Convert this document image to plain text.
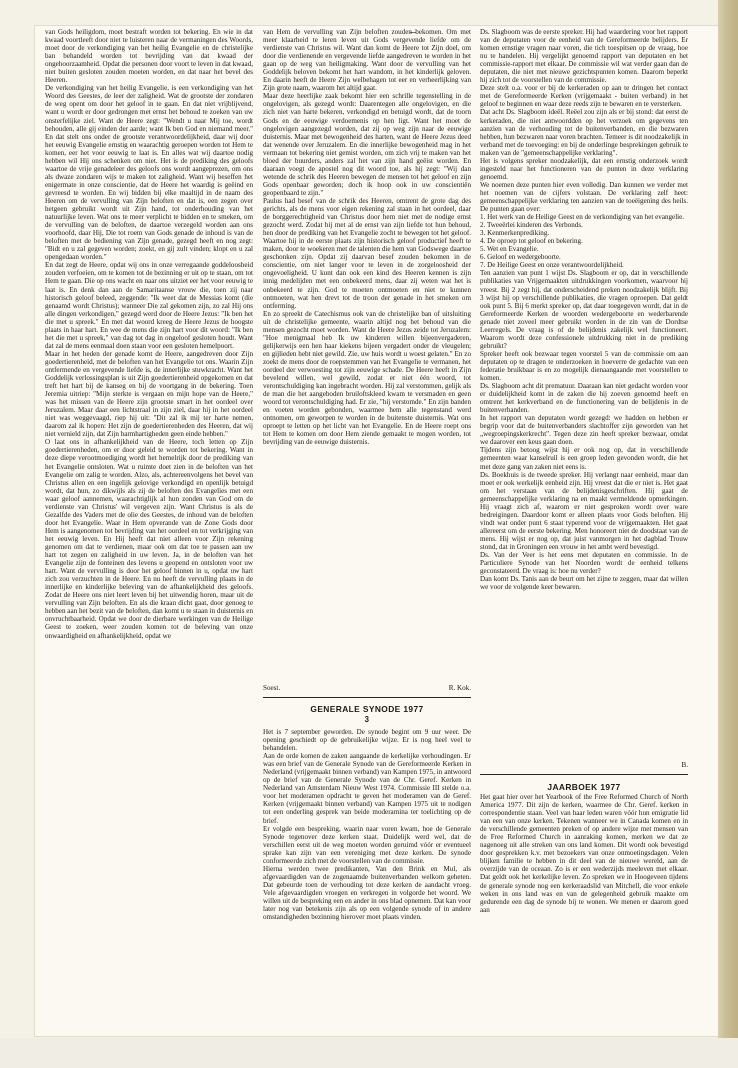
van Gods heiligdom, moet bestraft worden tot bekering. En wie in dat kwaad voortleeft door niet te luisteren naar de vermaningen des Woords, moet door de verkondiging van het heilig Evangelie en de christelijke ban behandeld worden tot bevrijding van dat kwaad der ongehoorzaamheid. Opdat die personen door voort te leven in dat kwaad, niet buiten gesloten zouden moeten worden, en dat naar het bevel des Heeren.

De verkondiging van het heilig Evangelie, is een verkondiging van het Woord des Geestes, de leer der zaligheid. Wat de grootste der zondaren de weg opent om door het geloof in te gaan. En dat niet vrijblijvend, want u wordt er door gedrongen met ernst het behoud te zoeken van uw onsterfelijke ziel. Want de Heere zegt: "Wendt u naar Mij toe, wordt behouden, alle gij einden der aarde; want Ik ben God en niemand meer." En dat stelt ons onder de grootste verantwoordelijkheid, daar wij door het eeuwig Evangelie ernstig en waarachtig geroepen worden tot Hem te komen, eer het voor eeuwig te laat is. En alles wat wij daartoe nodig hebben wil Hij ons schenken om niet. Het is de prediking des geloofs waartoe de vrije genadeleer des geloofs ons wordt aangeprezen, om ons als dwaze zondaren wijs te maken tot zaligheid. Want wij beseffen het enigermate in onze conscientie, dat de Heere het waardig is geëind en gevreesd te worden. En wij bidden bij elke maaltijd in de naam des Heeren om de vervulling van Zijn beloften en dat is, een zegen over hetgeen gebruikt wordt uit Zijn hand, tot onderhouding van het natuurlijke leven. Wat ons te meer verplicht te bidden en te smeken, om de vervulling van de beloften, de daartoe verzegeld worden aan ons voorhoofd, daar Hij, Die tot roem van Gods genade de inhoud is van de beloften met de bediening van Zijn genade, gezegd heeft en nog zegt: "Bidt en u zal gegeven worden; zoekt, en gij zult vinden; klopt en u zal opengedaan worden."

En dat zegt de Heere, opdat wij ons in onze verregaande goddeloosheid zouden verfoeien, om te komen tot de bezinning er uit op te staan, om tot Hem te gaan. Die op ons wacht en naar ons uitziet eer het voor eeuwig te laat is. En denk dan aan de Samaritaanse vrouw die, toen zij naar historisch geloof beleed, zeggende: "Ik weet dat de Messias komt (die genaamd wordt Christus); wanneer Die zal gekomen zijn, zo zal Hij ons alle dingen verkondigen," gezegd werd door de Heere Jezus: "Ik ben het die met u spreek." En met dat woord kreeg de Heere Jezus de hoogste plaats in haar hart. En wee de mens die zijn hart voor dit woord: "Ik ben het die met u spreek," van dag tot dag in ongeloof gesloten houdt. Want dat zal de mens eenmaal doen staan voor een gesloten hemelpoort.

Maar in het heden der genade komt de Heere, aangedreven door Zijn goedertierenheid, met de beloften van het Evangelie tot ons. Waarin Zijn ontfermende en vergevende liefde is, de innerlijke stuwkracht. Want het Goddelijk verlossingsplan is uit Zijn goedertierenheid opgekomen en dat treft het hart bij de kanseg en bij de voortgang in de bekering. Toen Jeremia uitriep: "Mijn sterkte is vergaan en mijn hope van de Heere," was het missen van de Heere zijn grootste smart in het oordeel over Jeruzalem. Maar daar een lichtstraal in zijn ziel, daar hij in het oordeel niet was weggevaagd, riep hij uit: "Dit zal ik mij ter harte nemen, daarom zal ik hopen: Het zijn de goedertierenheden des Heeren, dat wij niet vernield zijn, dat Zijn barmhartigheden geen einde hebben."

O laat ons in afhankelijkheid van de Heere, toch letten op Zijn goedertierenheden, om er door geleid te worden tot bekering. Want in deze diepe verootmoediging wordt het hemelrijk door de prediking van het Evangelie ontsloten. Wat u ruimte doet zien in de beloften van het Evangelie om zalig te worden. Alzo, als, achtereenvolgens het bevel van Christus allen en een ingelijk gelovige verkondigd en openlijk betuigd wordt, dat hun, zo dikwijls als zij de beloften des Evangelies met een waar geloof aannemen, waarachtiglijk al hun zonden van God om de verdienste van Christus' wil vergeven zijn. Want Christus is als de Gezalfde des Vaders met de olie des Geestes, de inhoud van de beloften door het Evangelie. Waar in Hem opverande van de Zone Gods door Hem is aangenomen tot bevrijding van het oordeel en tot verkrijging van het eeuwig leven. En Hij heeft dat niet alleen voor Zijn rekening genomen om dat te verdienen, maar ook om dat toe te passen aan uw hart tot zegen en zaligheid in uw leven. Ja, in de beloften van het Evangelie zijn de fonteinen des levens u geopend en ontsloten voor uw hart. Want de vervulling is door het geloof binnen in u, opdat uw hart zich zou verzuchten in de Heere. En nu heeft de vervulling plaats in de innerlijke en kinderlijke beleving van de afhankelijkheid des geloofs. Zodat de Heere ons niet leert leven bij het uitwendig horen, maar uit de vervulling van Zijn beloften. En als die kraan dicht gaat, door genoeg te hebben aan het bezit van de beloften, dan komt u te staan in duisternis en onvruchtbaarheid. Opdat we door de dierbare werkingen van de Heilige Geest te zoeken, weer zouden komen tot de beleving van onze onwaardigheid en afhankelijkheid, opdat we

van Hem de vervulling van Zijn beloften zouden bekomen. Om met meer klaarheid te leren leven uit Gods vergevende liefde om de verdienste van Christus wil. Want dan komt de Heere tot Zijn doel, om door die verdienende en vergevende liefde aangedreven te worden in het gaan op de weg van heiligmaking. Want door de vervulling van het Goddelijk beloven bekomt het hart wandom, in het kinderlijk geloven. En daarin heeft de Heere Zijn welbehagen tot eer en verheerlijking van Zijn grote naam, waarom het altijd gaat.

Maar deze heerlijke zaak bekomt hier een schrille tegenstelling in de ongelovigen, als gezegd wordt: Daarentegen alle ongelovigen, en die zich niet van harte bekeren, verkondigd en betuigd wordt, dat de toorn Gods en de eeuwige verdoemenis op hen ligt. Want het moet de ongelovigen aangezegd worden, dat zij op weg zijn naar de eeuwige duisternis. Maar met bewogenheid des harten, want de Heere Jezus deed dat wenende over Jeruzalem. En die innerlijke bewogenheid mag in het vermaan tot bekering niet gemist worden, om zich vrij te maken van het bloed der buurders, anders zal het van zijn hand geëist worden. En daaraan voegt de apostel nog dit woord toe, als hij zegt: "Wij dan wetende de schrik des Heeren bewegen de mensen tot het geloof en zijn Gods openbaar geworden; doch ik hoop ook in uw conscientiën geopenbaard te zijn."

Paulus had besef van de schrik des Heeren, omtrent de grote dag des gerichts, als de mens voor eigen rekening zal staan in het oordeel, daar de borggerechtigheid van Christus door hem niet met de nodige ernst gezocht werd. Zodat hij met al de ernst van zijn liefde tot hun behoud, hen door de prediking van het Evangelie zocht te bewegen tot het geloof. Waartoe hij in de eerste plaats zijn historisch geloof productief heeft te maken, door te woekeren met de talenten die hem van Godswege daartoe geschonken zijn. Opdat zij daarvan besef zouden bekomen in de conscientie, om niet langer voor te leven in de zorgeloosheid der ongevoeligheid. U kunt dan ook een kind des Heeren kennen is zijn innig medelijden met een onbekeerd mens, daar zij weten wat het is onbekeerd te zijn. God te moeten ontmoeten en niet te kunnen ontmoeten, wat hen drevt tot de troon der genade in het smeken om ontferming.

En zo spreekt de Catechismus ook van de christelijke ban of uitsluiting uit de christelijke gemeente, waarin altijd nog het behoud van die mensen gezocht moet worden. Want de Heere Jezus zeide tot Jeruzalem: "Hoe menigmaal heb Ik uw kinderen willen bijeenvergaderen, gelijkerwijs een hen haar kiekens bijeen vergadert onder de vleugelen; en gijlieden hebt niet gewild. Zie, uw huis wordt u woest gelaten." En zo zoekt de mens door de roepstemmen van het Evangelie te vermanen, het oordeel der verwoesting tot zijn eeuwige schade. De Heere heeft in Zijn bevelend willen, wel gewild, zodat er niet één woord, tot verontschuldiging kan ingebracht worden. Hij zal verstommen, gelijk als de man die het aangeboden bruiloftskleed kwam te versmaden en geen woord tot verontschuldiging had. Er zie, "hij verstomde." En zijn banden en voeten worden gebonden, waarmee hem alle tegenstand werd ontnomen, om geworpen te worden in de buitenste duisternis. Wat ons oproept te letten op het licht van het Evangelie. En de Heere roept ons tot Hem te komen om door Hem ziende gemaakt te mogen worden, tot bevrijding van de eeuwige duisternis.

Soest.	R. Kok.
GENERALE SYNODE 1977
3

Het is 7 september geworden. De synode begint om 9 uur weer. De opening geschiedt op de gebruikelijke wijze. Er is nog heel veel te behandelen.

Aan de orde komen de zaken aangaande de kerkelijke verhoudingen. Er was een brief van de Generale Synode van de Gereformeerde Kerken in Nederland (vrijgemaakt binnen verband) van Kampen 1975, in antwoord op de brief van de Generale Synode van de Chr. Geref. Kerken in Nederland van Amsterdam Nieuw West 1974. Commissie III stelde o.a. voor het moderamen opdracht te geven het moderamen van de Geref. Kerken (vrijgemaakt binnen verband) van Kampen 1975 uit te nodigen tot een onderling gesprek van beide moderamina ter toelichting op de brief.

Er volgde een bespreking, waarin naar voren kwam, hoe de Generale Synode tegenover deze kerken staat. Duidelijk werd wel, dat de verschillen eerst uit de weg moeten worden geruimd vóór er eventueel sprake kan zijn van een vereniging met deze kerken. De synode conformeerde zich met de voorstellen van de commissie.

Hierna werden twee predikanten, Van den Brink en Mul, als afgevaardigden van de zogenaamde buitenverbanden welkom geheten. Dat gebeurde toen de verhouding tot deze kerken de aandacht vroeg. Vele afgevaardigden vroegen en verkregen in volgorde het woord. We willen uit de bespreking een en ander in ons blad opnemen. Dat kan voor later nog van betekenis zijn als op een volgende synode of in andere omstandigheden bezinning hierover moet plaats vinden.

Ds. Slagboom was de eerste spreker. Hij had waardering voor het rapport van de deputaten voor de eenheid van de Gereformeerde belijders. Er komen ernstige vragen naar voren, die tich toespitsen op de vraag, hoe nu te handelen. Hij vergelijkt genoemd rapport van deputaten en het commissie-rapport met elkaar. De commissie wil wat verder gaan dan de deputaten, die niet met nieuwe gezichtspunten komen. Daarom beperkt hij zich tot de voorstellen van de commissie.

Deze stelt o.a. voor er bij de kerkeraden op aan te dringen het contact met de Gereformeerde Kerken (vrijgemaakt - buiten verband) in het geloof te beginnen en waar deze reeds zijn te bewaren en te versterken.

Dat acht Ds. Slagboom ideël. Reëel zou zijn als er bij stond: dat eerst de kerkeraden, die niet antwoordden op het verzoek om gegevens ten aanzien van de verhouding tot de buitenverbanden, en die bezwaren hebben, hun bezwaren naar voren brachten. Temeer is dit noodzakelijk in verband met de toevoeging: en bij de onderlinge besprekingen gebruik te maken van de "gemeenschappelijke verklaring".

Het is volgens spreker noodzakelijk, dat een ernstig onderzoek wordt ingesteld naar het functioneren van de punten in deze verklaring genoemd.

We noemen deze punten hier even volledig. Dan kunnen we verder met het noemen van de cijfers volstaan. De verklaring zelf heet: gemeenschappelijke verklaring ten aanzien van de toeëigening des heils. De punten gaan over:

1. Het werk van de Heilige Geest en de verkondiging van het evangelie.

2. Tweeërlei kinderen des Verbonds.

3. Kenmerkenprediking.

4. De oproep tot geloof en bekering.

5. Wet en Evangelie.

6. Geloof en wedergeboorte.

7. De Heilige Geest en onze verantwoordelijkheid.

Ten aanzien van punt 1 wijst Ds. Slagboom er op, dat in verschillende publikaties van Vrijgemaakten uitdrukkingen voorkomen, waarvoor hij vreest. Bij 2 zegt hij, dat onderscheidend preken noodzakelijk blijft. Bij 3 wijst hij op verschillende publikaties, die vragen oproepen. Dat geldt ook punt 5. Bij 6 merkt spreker op, dat daar toegegeven wordt, dat in de Gereformeerde Kerken de woorden wedergeboorte en wederbarende genade niet zoveel meer gebruikt worden in de zin van de Dordtse Leerregels. De vraag is of de belijdenis zakelijk wel functioneert. Waarom wordt deze confessionele uitdrukking niet in de prediking gebruikt?

Spreker heeft ook bezwaar tegen voorstel 5 van de commissie om aan deputaten op te dragen te onderzoeken in hoeverre de gedachte van een federatie bruikbaar is en zo mogelijk dienaangaande met voorstellen te komen.

Ds. Slagboom acht dit prematuur. Daaraan kan niet gedacht worden voor er duidelijkheid komt in de zaken die hij zoeven genoemd heeft en omtrent het kerkverband en de functionering van de belijdenis in de buitenverbanden.

In het rapport van deputaten wordt gezegd: we hadden en hebben er begrip voor dat de buitenverbanders slachtoffer zijn geworden van het „wegroepingskerkrecht". Tegen deze zin heeft spreker bezwaar, omdat we daarover een keus gaan doen.

Tijdens zijn betoog wijst hij er ook nog op, dat in verschillende gemeenten waar kanselruil is een groep leden gevonden wordt, die het met deze gang van zaken niet eens is.

Ds. Boekhuis is de tweede spreker. Hij verlangt naar eenheid, maar dan moet er ook werkelijk eenheid zijn. Hij vreest dat die er niet is. Het gaat om het verstaan van de belijdenisgeschriften. Hij gaat de gemeenschappelijke verklaring na en maakt vermeldende opmerkingen. Hij vraagt zich af, waarom er niet gesproken wordt over ware bedreigingen. Daardoor komt er alleen plaats voor Gods beloften. Hij vindt wat onder punt 6 staat typerend voor de vrijgemaakten. Het gaat allereerst om de eerste bekering. Men honoreert niet de doodstaat van de mens. Hij wijst er nog op, dat juist vanmorgen in het dagblad Trouw stond, dat in Groningen een vrouw in het ambt werd bevestigd.

Ds. Van der Veer is het eens met deputaten en commissie. In de Particuliere Synode van het Noorden wordt de eenheid telkens geconstateerd. De vraag is: hoe nu verder?

Dan komt Ds. Tanis aan de beurt om het zijne te zeggen, maar dat willen we voor de volgende keer bewaren.

B.
JAARBOEK 1977

Het gaat hier over het Yearbook of the Free Reformed Church of North America 1977. Dit zijn de kerken, waarmee de Chr. Geref. kerken in correspondentie staan. Veel van haar leden waren vóór hun emigratie lid van een van onze kerken. Tekenen wanneer we in Canada komen en in de verschillende gemeenten preken of op andere wijze met mensen van de Free Reformed Church in aanraking komen, merken we dat ze nagenoeg uit alle streken van ons land komen. Dit wordt ook bevestigd door gesprekken k.v. met bezoekers van onze onmoetingsdagen. Velen blijken familie te hebben in dit deel van de nieuwe wereld, aan de overzijde van de oceaan. Zo is er een wederzijds meeleven met elkaar. Dat geldt ook het kerkelijke leven. Zo spreken we in Hoogeveen tijdens de generale synode nog een kerkeraadslid van Mitchell, die voor enkele weken in ons land was en van de gelegenheid gebruik maakte om gedurende een dag de synode bij te wonen. We menen er daarom goed aan
